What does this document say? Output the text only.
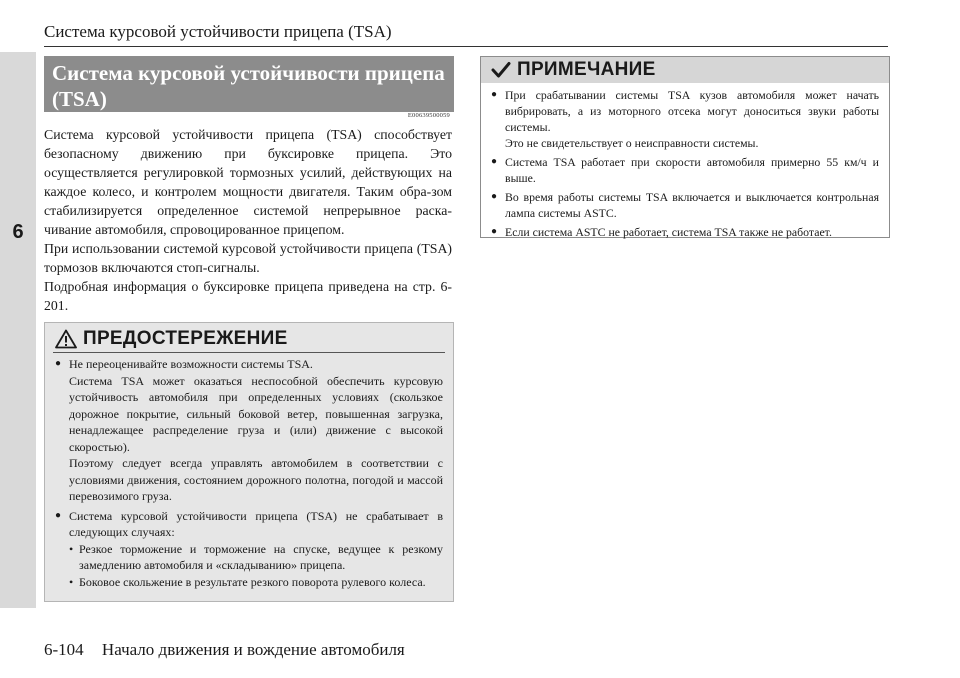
Система курсовой устойчивости прицепа (TSA)
6
Система курсовой устойчивости прицепа
(TSA)
E00639500059

Система курсовой устойчивости прицепа (TSA) способствует безопасному движению при буксировке прицепа. Это осуществляется регулировкой тормозных усилий, действующих на каждое колесо, и контролем мощности двигателя. Таким обра-зом стабилизируется определенное системой непрерывное раска-чивание автомобиля, спровоцированное прицепом.

При использовании системой курсовой устойчивости прицепа (TSA) тормозов включаются стоп-сигналы.

Подробная информация о буксировке прицепа приведена на стр. 6-201.

ПРЕДОСТЕРЕЖЕНИЕ
● Не переоценивайте возможности системы TSA.
Система TSA может оказаться неспособной обеспечить курсовую устойчивость автомобиля при определенных условиях (скользкое дорожное покрытие, сильный боковой ветер, повышенная загрузка, ненадлежащее распределение груза и (или) движение с высокой скоростью).
Поэтому следует всегда управлять автомобилем в соответствии с условиями движения, состоянием дорожного полотна, погодой и массой перевозимого груза.
● Система курсовой устойчивости прицепа (TSA) не срабатывает в следующих случаях:
• Резкое торможение и торможение на спуске, ведущее к резкому замедлению автомобиля и «складыванию» прицепа.
• Боковое скольжение в результате резкого поворота рулевого колеса.
ПРИМЕЧАНИЕ
● При срабатывании системы TSA кузов автомобиля может начать вибрировать, а из моторного отсека могут доноситься звуки работы системы.
Это не свидетельствует о неисправности системы.
● Система TSA работает при скорости автомобиля примерно 55 км/ч и выше.
● Во время работы системы TSA включается и выключается контрольная лампа системы ASTC.
● Если система ASTC не работает, система TSA также не работает.
6-104 Начало движения и вождение автомобиля
